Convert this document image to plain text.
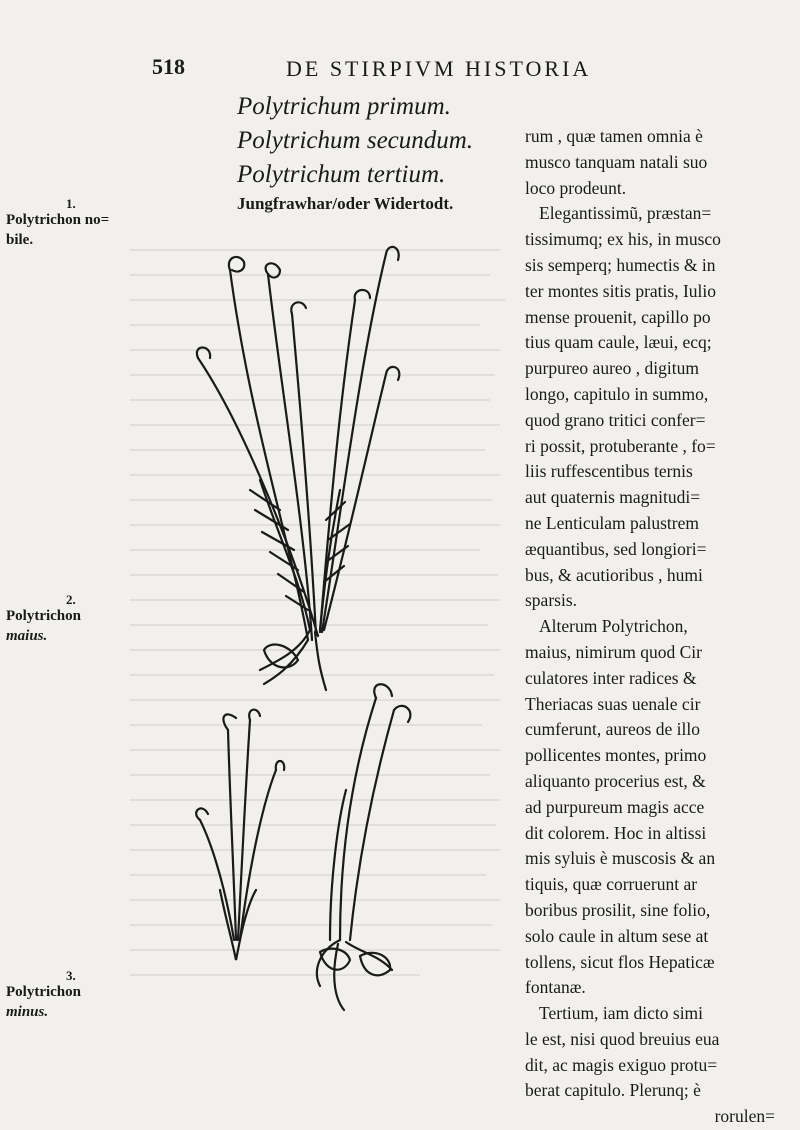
518	DE STIRPIVM HISTORIA
Polytrichum primum.
Polytrichum secundum.
Polytrichum tertium.
Jungfrawhar/oder Widertodt.
1.
Polytrichon no=
bile.
2.
Polytrichon
maius.
3.
Polytrichon
minus.
rum , quæ tamen omnia è
musco tanquam natali suo
loco prodeunt.
Elegantissimũ, præstan=
tissimumq; ex his, in musco
sis semperq; humectis & in
ter montes sitis pratis, Iulio
mense prouenit, capillo po
tius quam caule, læui, ecq;
purpureo aureo , digitum
longo, capitulo in summo,
quod grano tritici confer=
ri possit, protuberante , fo=
liis ruffescentibus ternis
aut quaternis magnitudi=
ne Lenticulam palustrem
æquantibus, sed longiori=
bus, & acutioribus , humi
sparsis.
Alterum Polytrichon,
maius, nimirum quod Cir
culatores inter radices &
Theriacas suas uenale cir
cumferunt, aureos de illo
pollicentes montes, primo
aliquanto procerius est, &
ad purpureum magis acce
dit colorem. Hoc in altissi
mis syluis è muscosis & an
tiquis, quæ corruerunt ar
boribus prosilit, sine folio,
solo caule in altum sese at
tollens, sicut flos Hepaticæ
fontanæ.
Tertium, iam dicto simi
le est, nisi quod breuius eua
dit, ac magis exiguo protu=
berat capitulo. Plerunq; è
rorulen=
